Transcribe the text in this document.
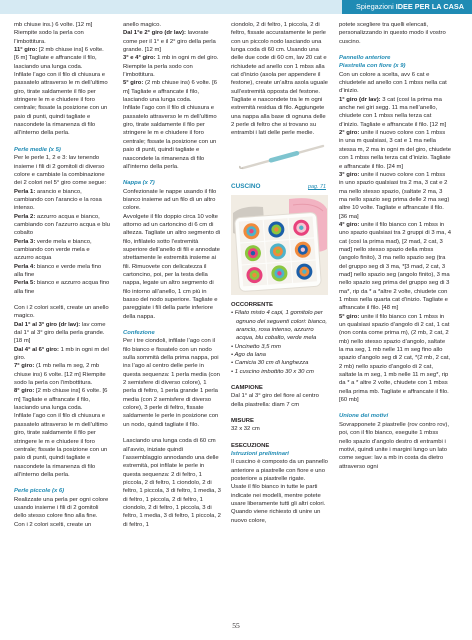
Spiegazioni IDEE PER LA CASA

mb chiuse ins.) 6 volte. [12 m] Riempite sodo la perla con l’imbottitura.

11° giro: [2 mb chiuse ins] 6 volte. [6 m] Tagliate e affrancate il filo, lasciando una lunga coda.

Infilate l’ago con il filo di chiusura e passatelo attraverso le m dell’ultimo giro, tirate saldamente il filo per stringere le m e chiudere il foro centrale; fissate la posizione con un paio di punti, quindi tagliate e nascondete la rimanenza di filo all’interno della perla.

Perle medie (x 5)

Per le perle 1, 2 e 3: lav tenendo insieme i fili di 2 gomitoli di diverso colore e cambiate la combinazione dei 2 colori nel 5° giro come segue:

Perla 1: arancio e bianco, cambiando con l’arancio e la rosa intenso.

Perla 2: azzurro acqua e bianco, cambiando con l’azzurro acqua e blu cobalto

Perla 3: verde mela e bianco, cambiando con verde mela e azzurro acqua

Perla 4: bianco e verde mela fino alla fine

Perla 5: bianco e azzurro acqua fino alla fine

Con i 2 colori scelti, create un anello magico.

Dal 1° al 3° giro (dr lav): lav come dal 1° al 3° giro della perla grande. [18 m]

Dal 4° al 6° giro: 1 mb in ogni m del giro.

7° giro: (1 mb nella m seg, 2 mb chiuse ins) 6 volte. [12 m] Riempite sodo la perla con l’imbottitura.

8° giro: [2 mb chiuse ins] 6 volte. [6 m] Tagliate e affrancate il filo, lasciando una lunga coda.

Infilate l’ago con il filo di chiusura e passatelo attraverso le m dell’ultimo giro, tirate saldamente il filo per stringere le m e chiudere il foro centrale; fissate la posizione con un paio di punti, quindi tagliate e nascondete la rimanenza di filo all’interno della perla.

Perle piccole (x 6)

Realizzate una perla per ogni colore usando insieme i fili di 2 gomitoli dello stesso colore fino alla fine.

Con i 2 colori scelti, create un

anello magico.

Dal 1°e 2° giro (dr lav): lavorate come per il 1° e il 2° giro della perla grande. [12 m]

3° e 4° giro: 1 mb in ogni m del giro.

Riempite la perla sodo con l’imbottitura.

5° giro: (2 mb chiuse ins) 6 volte. [6 m] Tagliate e affrancate il filo, lasciando una lunga coda.

Infilate l’ago con il filo di chiusura e passatelo attraverso le m dell’ultimo giro, tirate saldamente il filo per stringere le m e chiudere il foro centrale; fissate la posizione con un paio di punti, quindi tagliate e nascondete la rimanenza di filo all’interno della perla.

Nappa (x 7)

Confezionate le nappe usando il filo bianco insieme ad un filo di un altro colore.

Avvolgete il filo doppio circa 10 volte attorno ad un cartoncino di 6 cm di altezza. Tagliate un altro segmento di filo, infilatelo sotto l’estremità superiore dell’anello di fili e annodate strettamente le estremità insieme ai fili. Rimuovete con delicatezza il cartoncino, poi, per la testa della nappa, legate un altro segmento di filo intorno all’anello, 1 cm più in basso del nodo superiore. Tagliate e pareggiate i fili della parte inferiore della nappa.

Confezione

Per i tre ciondoli, infilate l’ago con il filo bianco e fissatelo con un nodo sulla sommità della prima nappa, poi ins l’ago al centro delle perle in questa sequenza: 1 perla media (con 2 semisfere di diverso colore), 1 perla di feltro, 1 perla grande 1 perla media (con 2 semisfere di diverso colore), 3 perle di feltro, fissate saldamente le perle in posizione con un nodo, quindi tagliate il filo.

Lasciando una lunga coda di 60 cm all’avvio, iniziate quindi l’assemblaggio annodando una delle estremità, poi infilate le perle in questa sequenza: 2 di feltro, 1 piccola, 2 di feltro, 1 ciondolo, 2 di feltro, 1 piccola, 3 di feltro, 1 media, 3 di feltro, 1 piccola, 2 di feltro, 1 ciondolo, 2 di feltro, 1 piccola, 3 di feltro, 1 media, 3 di feltro, 1 piccola, 2 di feltro, 1

ciondolo, 2 di feltro, 1 piccola, 2 di feltro, fissate accuratamente le perle con un piccolo nodo lasciando una lunga coda di 60 cm. Usando una delle due code di 60 cm, lav 20 cat e richiudete ad anello con 1 mbss alla cat d’inizio (asola per appendere il festone), create un’altra asola uguale sull’estremità opposta del festone. Tagliate e nascondete tra le m ogni estremità residua di filo. Aggiungete una nappa alla base di ognuna delle 2 perle di feltro che si trovano su entrambi i lati delle perle medie.

CUSCINO	pag. 71

OCCORRENTE

• Filato misto 4 capi, 1 gomitolo per ognuno dei seguenti colori: bianco, arancio, rosa intenso, azzurro acqua, blu cobalto, verde mela

• Uncinetto 3,5 mm

• Ago da lana

• Camicia 30 cm di lunghezza

• 1 cuscino imbottito 30 x 30 cm

CAMPIONE

Dal 1° al 3° giro del fiore al centro della piastrella: diam 7 cm

MISURE

32 x 32 cm

ESECUZIONE

Istruzioni preliminari

Il cuscino è composto da un pannello anteriore a piastrelle con fiore e uno posteriore a piastrelle rigate.

Usate il filo bianco in tutte le parti indicate nei modelli, mentre potete usare liberamente tutti gli altri colori. Quando viene richiesto di unire un nuovo colore,

potete scegliere tra quelli elencati, personalizzando in questo modo il vostro cuscino.

Pannello anteriore

Piastrella con fiore (x 9)

Con un colore a scelta, avv 6 cat e chiudetele ad anello con 1 mbss nella cat d’inizio.

1° giro (dr lav): 3 cat (così la prima ma anche nei giri segg. 11 ma nell’anello, chiudete con 1 mbss nella terza cat d’inizio. Tagliate e affrancate il filo. [12 m]

2° giro: unite il nuovo colore con 1 mbss in una m qualsiasi, 3 cat e 1 ma nella stessa m, 2 ma in ogni m del giro, chiudete con 1 mbss nella terza cat d’inizio. Tagliate e affrancate il filo. [24 m]

3° giro: unite il nuovo colore con 1 mbss in uno spazio qualsiasi tra 2 ma, 3 cat e 2 ma nello stesso spazio, (saltate 2 ma, 3 ma nello spazio seg prima delle 2 ma seg) altre 10 volte. Tagliate e affrancate il filo. [36 ma]

4° giro: unite il filo bianco con 1 mbss in uno spazio qualsiasi tra 2 gruppi di 3 ma, 4 cat (così la prima mad), [2 mad, 2 cat, 3 mad] nello stesso spazio della mbss (angolo finito), 3 ma nello spazio seg (tra del gruppo seg di 3 ma, *[3 mad, 2 cat, 3 mad] nello spazio seg (angolo finito), 3 ma nello spazio seg prima del gruppo seg di 3 ma*, rip da * a *altre 2 volte, chiudete con 1 mbss nella quarta cat d’inizio. Tagliate e affrancate il filo. [48 m]

5° giro: unite il filo bianco con 1 mbss in un qualsiasi spazio d’angolo di 2 cat, 1 cat (non conta come prima m), (2 mb, 2 cat, 2 mb) nello stesso spazio d’angolo, saltate la ma seg, 1 mb nelle 11 m seg fino allo spazio d’angolo seg di 2 cat, *(2 mb, 2 cat, 2 mb) nello spazio d’angolo di 2 cat, saltate la m seg, 1 mb nelle 11 m seg*, rip da * a * altre 2 volte, chiudete con 1 mbss nella prima mb. Tagliate e affrancate il filo. [60 mb]

Unione dei motivi

Sovrapponete 2 piastrelle (rov contro rov), poi, con il filo bianco, eseguite 1 mbss nello spazio d’angolo destro di entrambi i motivi, quindi unite i margini lungo un lato come segue: lav a mb in costa da dietro attraverso ogni

55
